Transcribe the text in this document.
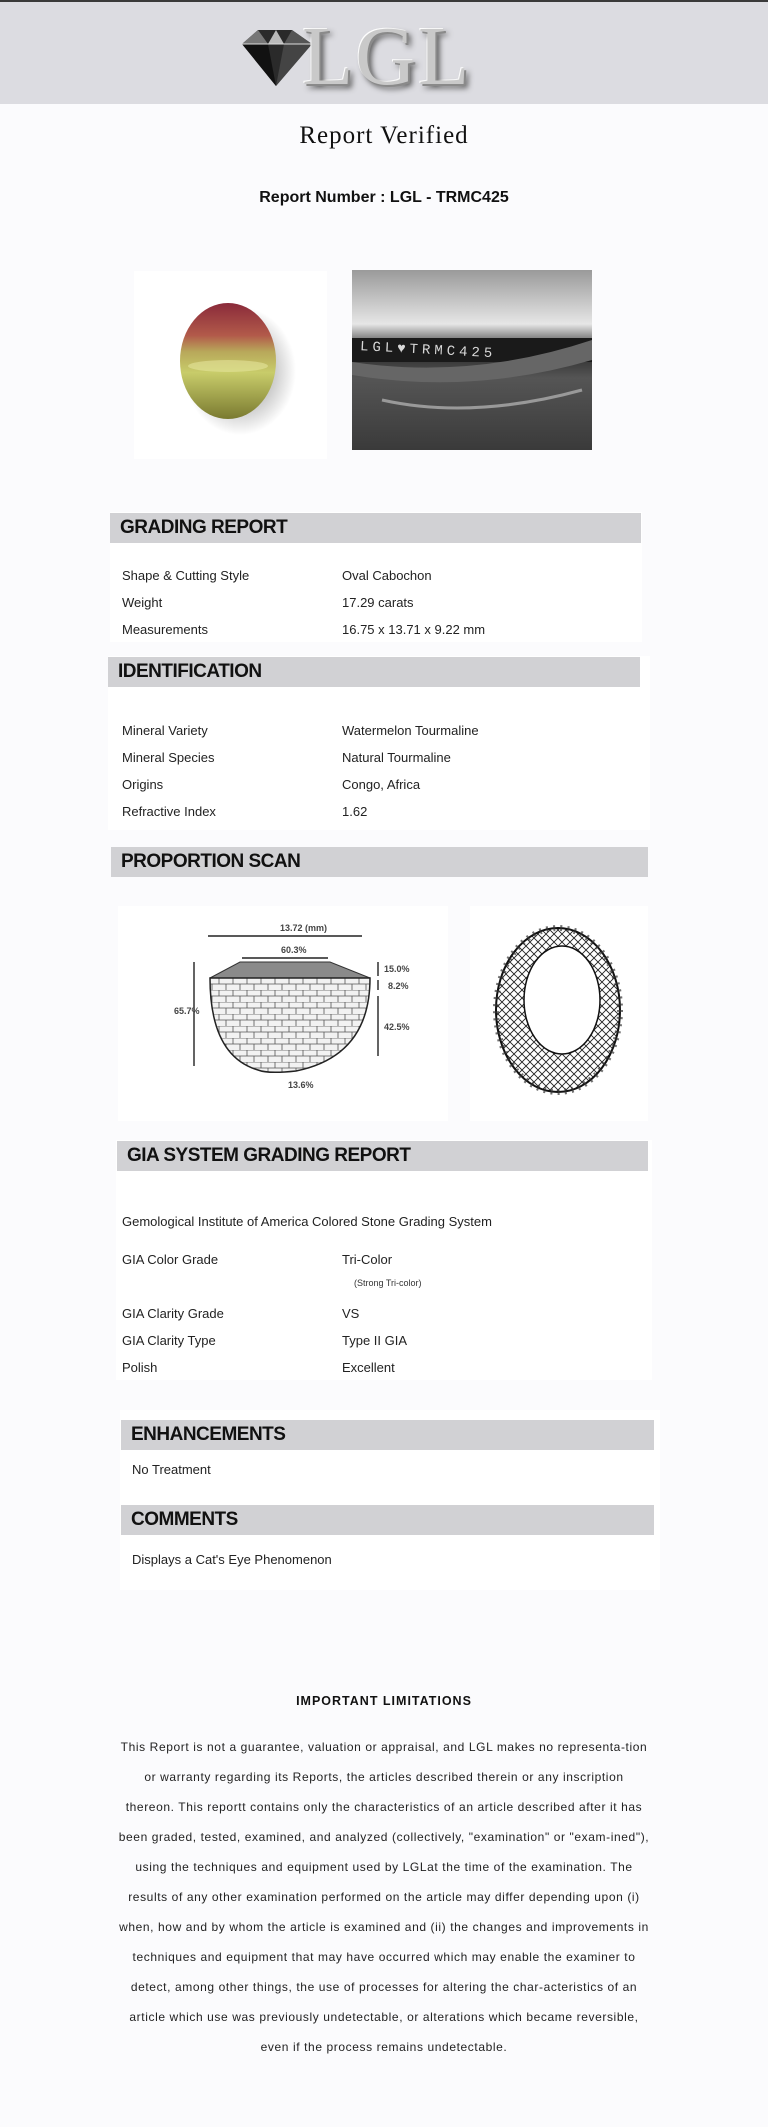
LGL
Report Verified
Report Number : LGL - TRMC425
LGL♥TRMC425
GRADING REPORT
Shape & Cutting Style	Oval Cabochon
Weight	17.29 carats
Measurements	16.75 x 13.71 x 9.22 mm
IDENTIFICATION
Mineral Variety	Watermelon Tourmaline
Mineral Species	Natural Tourmaline
Origins	Congo, Africa
Refractive Index	1.62
PROPORTION SCAN
13.72 (mm)
60.3%
65.7%
15.0%
8.2%
42.5%
13.6%
GIA SYSTEM GRADING REPORT
Gemological Institute of America Colored Stone Grading System
GIA Color Grade	Tri-Color
(Strong Tri-color)
GIA Clarity Grade	VS
GIA Clarity Type	Type II GIA
Polish	Excellent
ENHANCEMENTS
No Treatment
COMMENTS
Displays a Cat's Eye Phenomenon
IMPORTANT LIMITATIONS
This Report is not a guarantee, valuation or appraisal, and LGL makes no representa-tion or warranty regarding its Reports, the articles described therein or any inscription thereon. This reportt contains only the characteristics of an article described after it has been graded, tested, examined, and analyzed (collectively, "examination" or "exam-ined"), using the techniques and equipment used by LGLat the time of the examination. The results of any other examination performed on the article may differ depending upon (i) when, how and by whom the article is examined and (ii) the changes and improvements in techniques and equipment that may have occurred which may enable the examiner to detect, among other things, the use of processes for altering the char-acteristics of an article which use was previously undetectable, or alterations which became reversible, even if the process remains undetectable.
